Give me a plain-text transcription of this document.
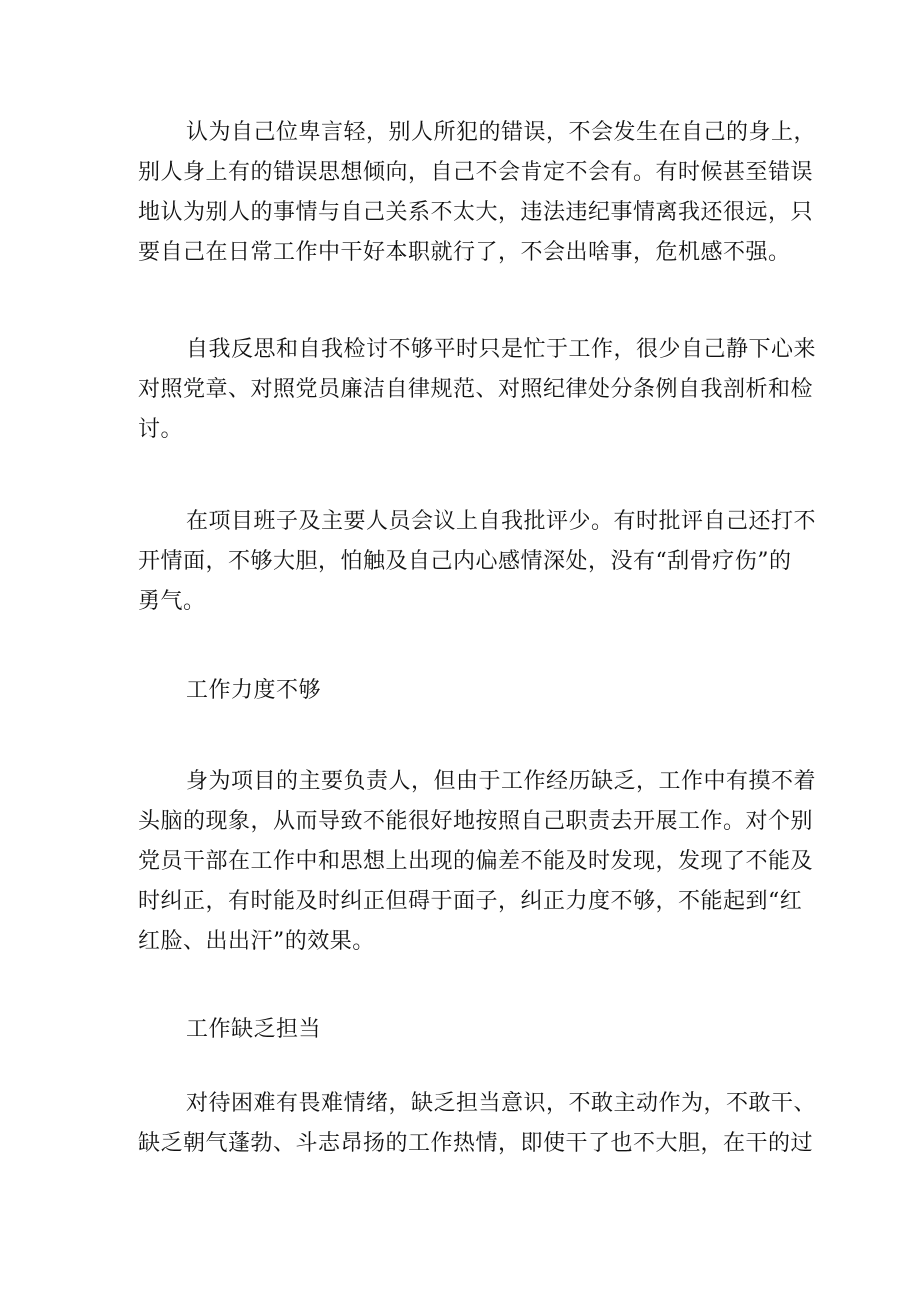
认为自己位卑言轻，别人所犯的错误，不会发生在自己的身上，
别人身上有的错误思想倾向，自己不会肯定不会有。有时候甚至错误
地认为别人的事情与自己关系不太大，违法违纪事情离我还很远，只
要自己在日常工作中干好本职就行了，不会出啥事，危机感不强。
自我反思和自我检讨不够平时只是忙于工作，很少自己静下心来
对照党章、对照党员廉洁自律规范、对照纪律处分条例自我剖析和检
讨。
在项目班子及主要人员会议上自我批评少。有时批评自己还打不
开情面，不够大胆，怕触及自己内心感情深处，没有“刮骨疗伤”的
勇气。
工作力度不够
身为项目的主要负责人，但由于工作经历缺乏，工作中有摸不着
头脑的现象，从而导致不能很好地按照自己职责去开展工作。对个别
党员干部在工作中和思想上出现的偏差不能及时发现，发现了不能及
时纠正，有时能及时纠正但碍于面子，纠正力度不够，不能起到“红
红脸、出出汗”的效果。
工作缺乏担当
对待困难有畏难情绪，缺乏担当意识，不敢主动作为，不敢干、
缺乏朝气蓬勃、斗志昂扬的工作热情，即使干了也不大胆，在干的过
